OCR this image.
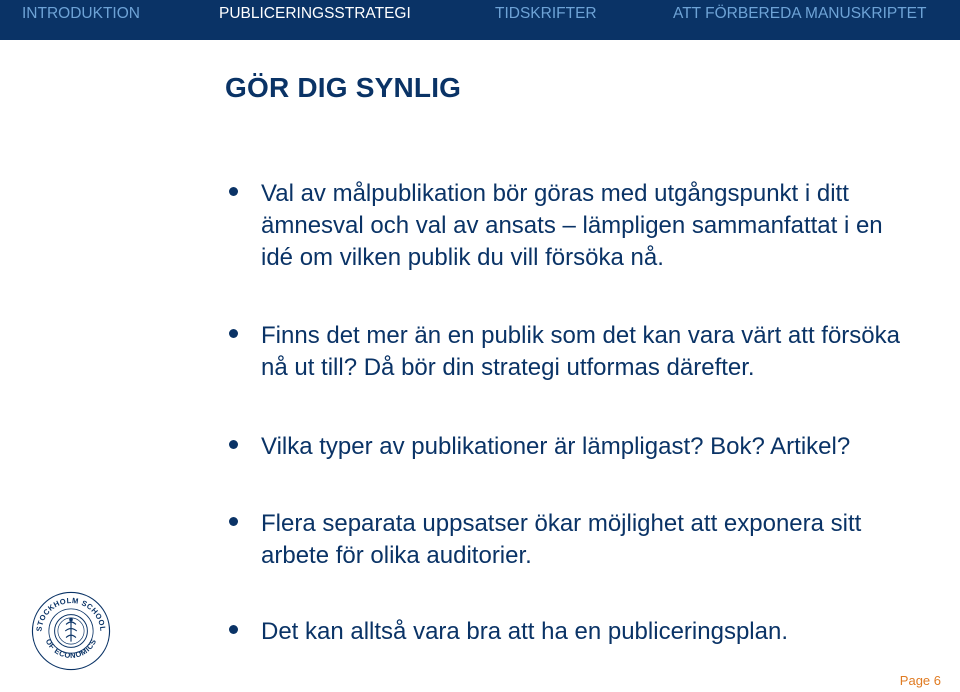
INTRODUKTION	PUBLICERINGSSTRATEGI	TIDSKRIFTER	ATT FÖRBEREDA MANUSKRIPTET
GÖR DIG SYNLIG
Val av målpublikation bör göras med utgångspunkt i ditt ämnesval och val av ansats – lämpligen sammanfattat i en idé om vilken publik du vill försöka nå.
Finns det mer än en publik som det kan vara värt att försöka nå ut till? Då bör din strategi utformas därefter.
Vilka typer av publikationer är lämpligast? Bok? Artikel?
Flera separata uppsatser ökar möjlighet att exponera sitt arbete för olika auditorier.
Det kan alltså vara bra att ha en publiceringsplan.
STOCKHOLM SCHOOL
OF ECONOMICS
Page 6
